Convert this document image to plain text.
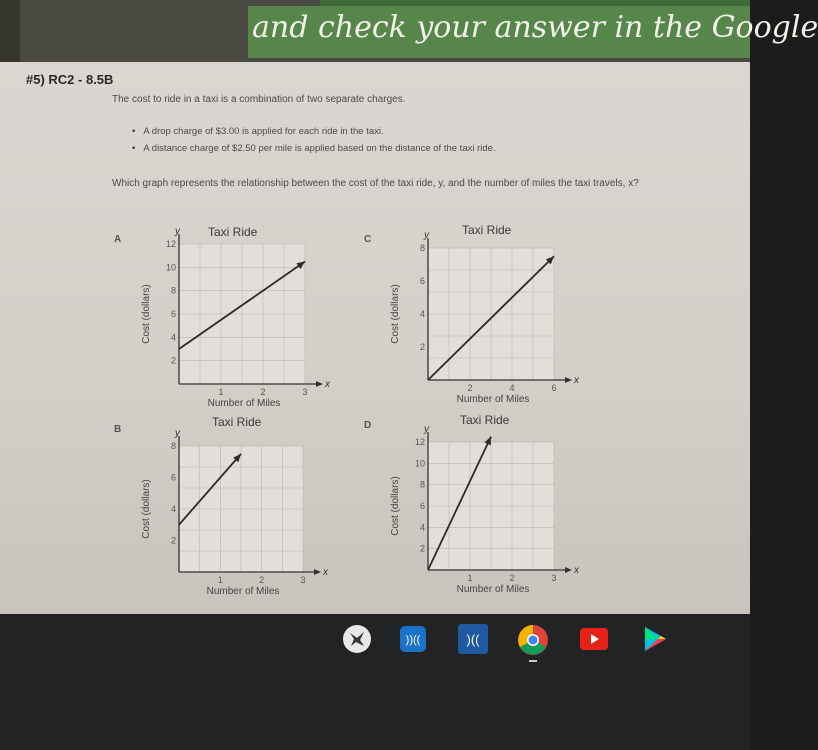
and check your answer in the Google
#5) RC2 - 8.5B
The cost to ride in a taxi is a combination of two separate charges.
• A drop charge of $3.00 is applied for each ride in the taxi.
• A distance charge of $2.50 per mile is applied based on the distance of the taxi ride.
Which graph represents the relationship between the cost of the taxi ride, y, and the number of miles the taxi travels, x?
A	C
B	D
Taxi Ride
y
x
2
4
6
8
10
12
1	2	3
Cost (dollars)
Number of Miles
Taxi Ride
y
x
2
4
6
8
2	4	6
Cost (dollars)
Number of Miles
Taxi Ride
y
x
2
4
6
8
1	2	3
Cost (dollars)
Number of Miles
Taxi Ride
y
x
2
4
6
8
10
12
1	2	3
Cost (dollars)
Number of Miles
))((	)((
